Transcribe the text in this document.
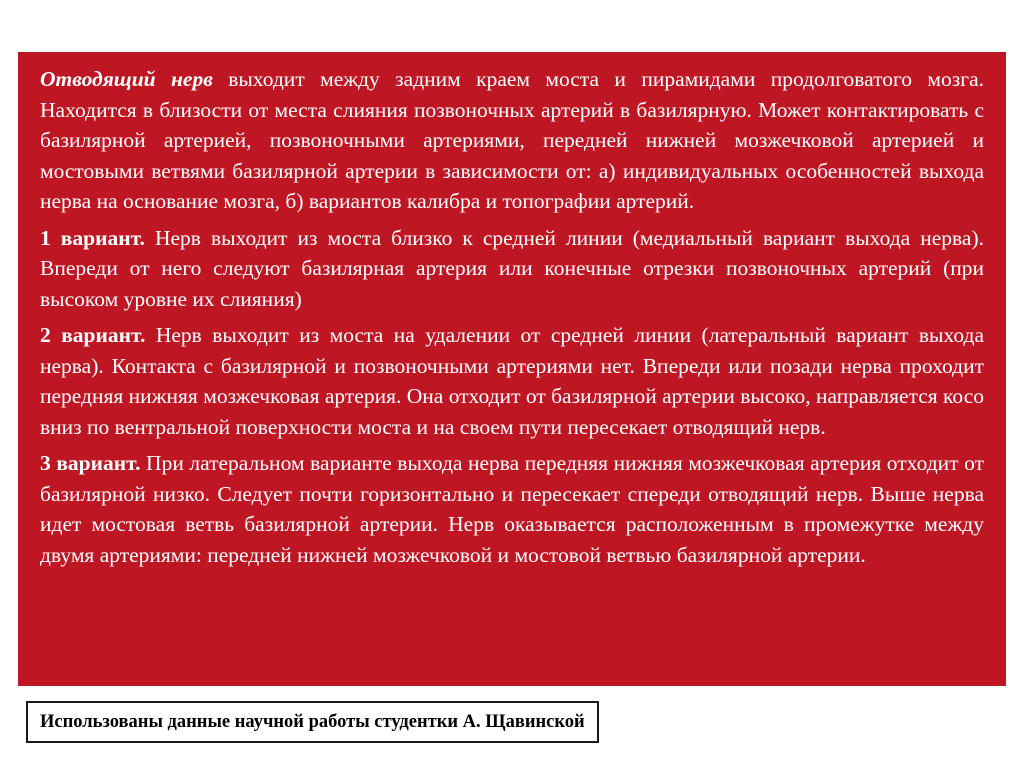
Отводящий нерв выходит между задним краем моста и пирамидами продолговатого мозга. Находится в близости от места слияния позвоночных артерий в базилярную. Может контактировать с базилярной артерией, позвоночными артериями, передней нижней мозжечковой артерией и мостовыми ветвями базилярной артерии в зависимости от: а) индивидуальных особенностей выхода нерва на основание мозга, б) вариантов калибра и топографии артерий.

1 вариант. Нерв выходит из моста близко к средней линии (медиальный вариант выхода нерва). Впереди от него следуют базилярная артерия или конечные отрезки позвоночных артерий (при высоком уровне их слияния)

2 вариант. Нерв выходит из моста на удалении от средней линии (латеральный вариант выхода нерва). Контакта с базилярной и позвоночными артериями нет. Впереди или позади нерва проходит передняя нижняя мозжечковая артерия. Она отходит от базилярной артерии высоко, направляется косо вниз по вентральной поверхности моста и на своем пути пересекает отводящий нерв.

3 вариант. При латеральном варианте выхода нерва передняя нижняя мозжечковая артерия отходит от базилярной низко. Следует почти горизонтально и пересекает спереди отводящий нерв. Выше нерва идет мостовая ветвь базилярной артерии. Нерв оказывается расположенным в промежутке между двумя артериями: передней нижней мозжечковой и мостовой ветвью базилярной артерии.

Использованы данные научной работы студентки А. Щавинской
